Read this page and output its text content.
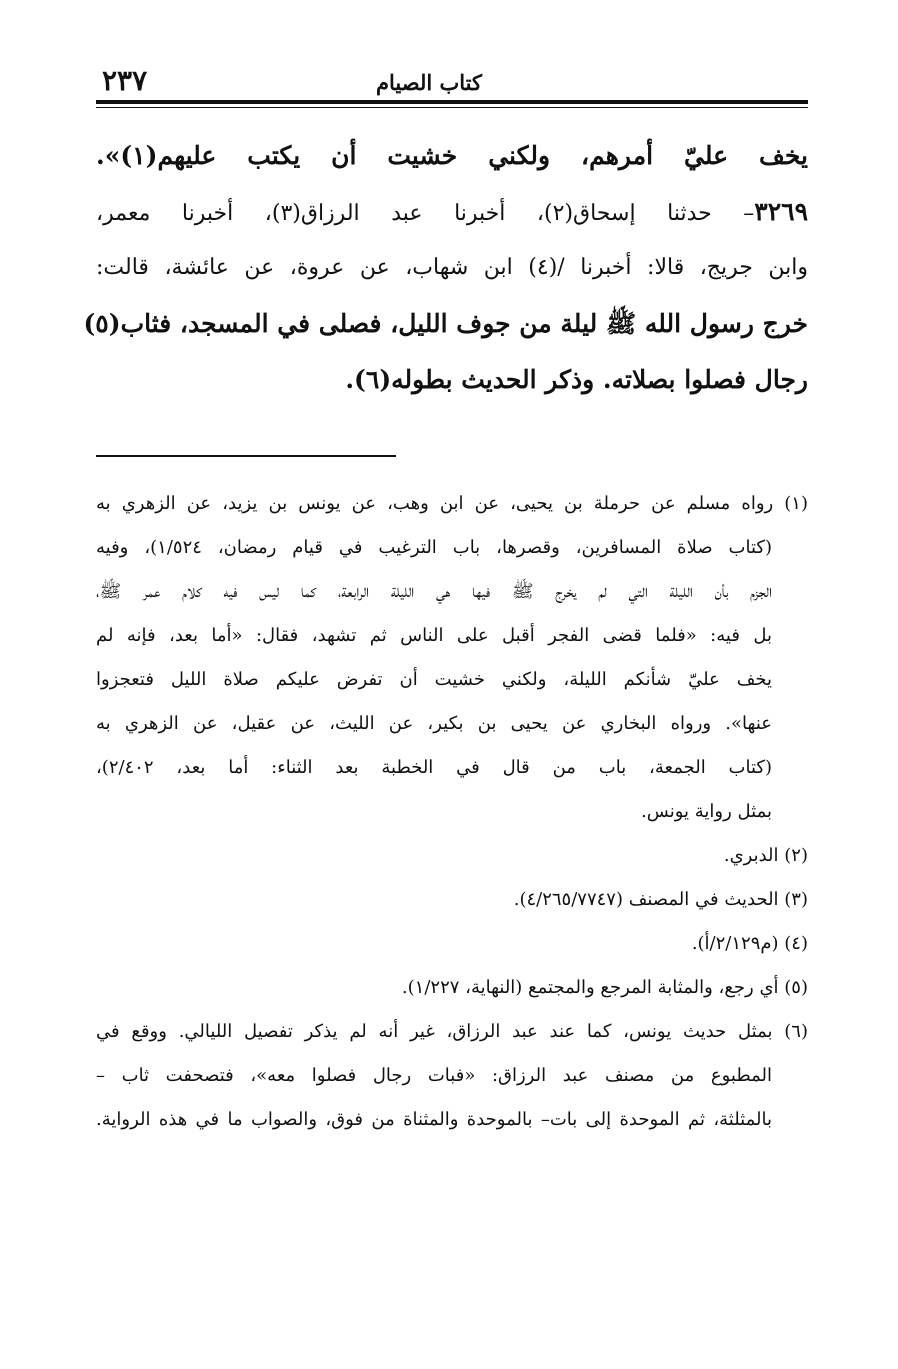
كتاب الصيام
٢٣٧
يخف عليّ أمرهم، ولكني خشيت أن يكتب عليهم(١)».
٣٢٦٩– حدثنا إسحاق(٢)، أخبرنا عبد الرزاق(٣)، أخبرنا معمر،
وابن جريج، قالا: أخبرنا /(٤) ابن شهاب، عن عروة، عن عائشة، قالت:
خرج رسول الله ﷺ ليلة من جوف الليل، فصلى في المسجد، فثاب(٥)
رجال فصلوا بصلاته. وذكر الحديث بطوله(٦).
(١) رواه مسلم عن حرملة بن يحيى، عن ابن وهب، عن يونس بن يزيد، عن الزهري به
(كتاب صلاة المسافرين، وقصرها، باب الترغيب في قيام رمضان، ١/٥٢٤)، وفيه
الجزم بأن الليلة التي لم يخرج ﷺ فيها هي الليلة الرابعة، كما ليس فيه كلام عمر ﷺ،
بل فيه: «فلما قضى الفجر أقبل على الناس ثم تشهد، فقال: «أما بعد، فإنه لم
يخف عليّ شأنكم الليلة، ولكني خشيت أن تفرض عليكم صلاة الليل فتعجزوا
عنها». ورواه البخاري عن يحيى بن بكير، عن الليث، عن عقيل، عن الزهري به
(كتاب الجمعة، باب من قال في الخطبة بعد الثناء: أما بعد، ٢/٤٠٢)،
بمثل رواية يونس.
(٢) الدبري.
(٣) الحديث في المصنف (٤/٢٦٥/٧٧٤٧).
(٤) (م٢/١٢٩/أ).
(٥) أي رجع، والمثابة المرجع والمجتمع (النهاية، ١/٢٢٧).
(٦) بمثل حديث يونس، كما عند عبد الرزاق، غير أنه لم يذكر تفصيل الليالي. ووقع في
المطبوع من مصنف عبد الرزاق: «فبات رجال فصلوا معه»، فتصحفت ثاب –
بالمثلثة، ثم الموحدة إلى بات– بالموحدة والمثناة من فوق، والصواب ما في هذه الرواية.
